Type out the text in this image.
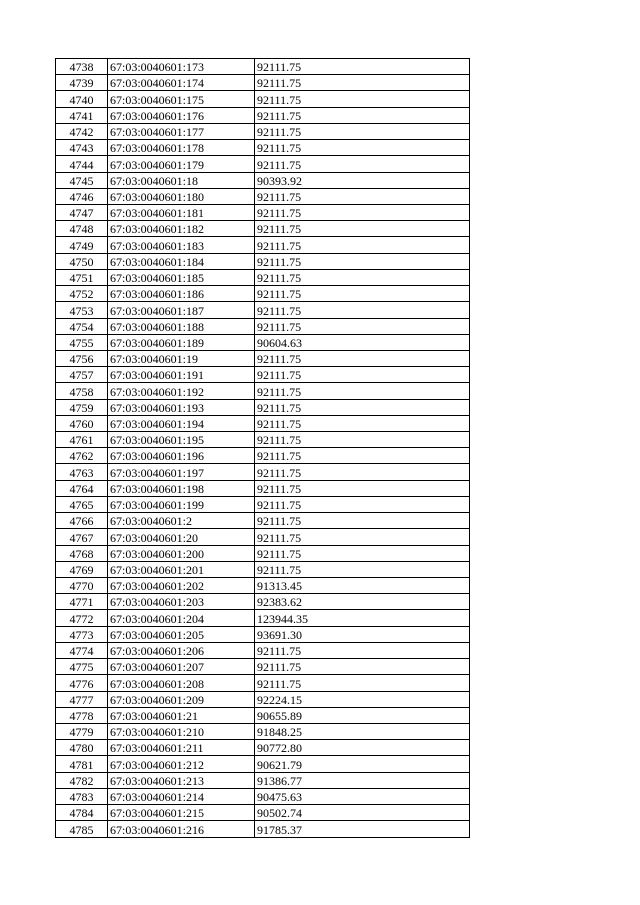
4738	67:03:0040601:173	92111.75
4739	67:03:0040601:174	92111.75
4740	67:03:0040601:175	92111.75
4741	67:03:0040601:176	92111.75
4742	67:03:0040601:177	92111.75
4743	67:03:0040601:178	92111.75
4744	67:03:0040601:179	92111.75
4745	67:03:0040601:18	90393.92
4746	67:03:0040601:180	92111.75
4747	67:03:0040601:181	92111.75
4748	67:03:0040601:182	92111.75
4749	67:03:0040601:183	92111.75
4750	67:03:0040601:184	92111.75
4751	67:03:0040601:185	92111.75
4752	67:03:0040601:186	92111.75
4753	67:03:0040601:187	92111.75
4754	67:03:0040601:188	92111.75
4755	67:03:0040601:189	90604.63
4756	67:03:0040601:19	92111.75
4757	67:03:0040601:191	92111.75
4758	67:03:0040601:192	92111.75
4759	67:03:0040601:193	92111.75
4760	67:03:0040601:194	92111.75
4761	67:03:0040601:195	92111.75
4762	67:03:0040601:196	92111.75
4763	67:03:0040601:197	92111.75
4764	67:03:0040601:198	92111.75
4765	67:03:0040601:199	92111.75
4766	67:03:0040601:2	92111.75
4767	67:03:0040601:20	92111.75
4768	67:03:0040601:200	92111.75
4769	67:03:0040601:201	92111.75
4770	67:03:0040601:202	91313.45
4771	67:03:0040601:203	92383.62
4772	67:03:0040601:204	123944.35
4773	67:03:0040601:205	93691.30
4774	67:03:0040601:206	92111.75
4775	67:03:0040601:207	92111.75
4776	67:03:0040601:208	92111.75
4777	67:03:0040601:209	92224.15
4778	67:03:0040601:21	90655.89
4779	67:03:0040601:210	91848.25
4780	67:03:0040601:211	90772.80
4781	67:03:0040601:212	90621.79
4782	67:03:0040601:213	91386.77
4783	67:03:0040601:214	90475.63
4784	67:03:0040601:215	90502.74
4785	67:03:0040601:216	91785.37
